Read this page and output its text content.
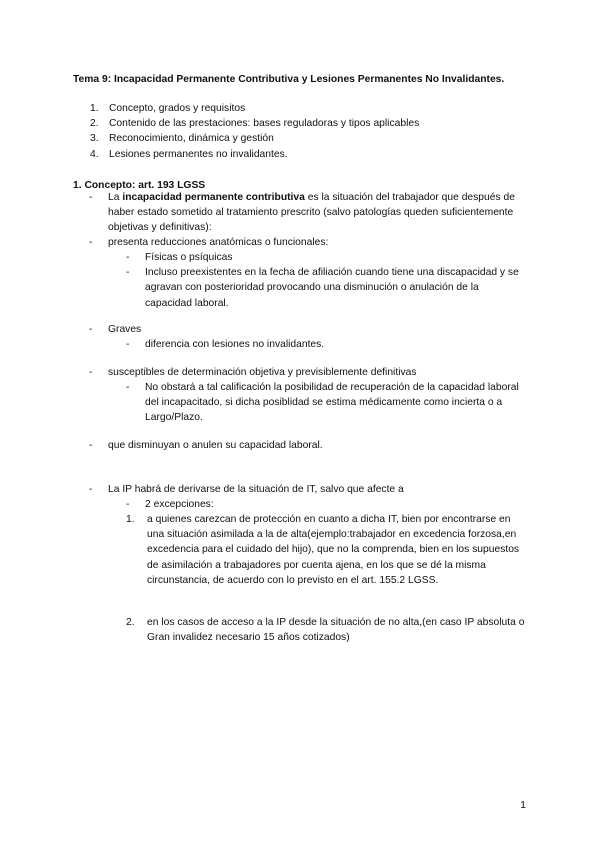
Tema 9: Incapacidad Permanente Contributiva y Lesiones Permanentes No Invalidantes.
1.	Concepto, grados y requisitos
2.	Contenido de las prestaciones: bases reguladoras y tipos aplicables
3.	Reconocimiento, dinámica y gestión
4.	Lesiones permanentes no invalidantes.
1. Concepto: art. 193 LGSS
-	La incapacidad permanente contributiva es la situación del trabajador que después de haber estado sometido al tratamiento prescrito (salvo patologías queden suficientemente objetivas y definitivas):
-	presenta reducciones anatómicas o funcionales:
-	Físicas o psíquicas
-	Incluso preexistentes en la fecha de afiliación cuando tiene una discapacidad y se agravan con posterioridad provocando una disminución o anulación de la capacidad laboral.
-	Graves
-	diferencia con lesiones no invalidantes.
-	susceptibles de determinación objetiva y previsiblemente definitivas
-	No obstará a tal calificación la posibilidad de recuperación de la capacidad laboral del incapacitado, si dicha posiblidad se estima médicamente como incierta o a Largo/Plazo.
-	que disminuyan o anulen su capacidad laboral.
-	La IP habrá de derivarse de la situación de IT, salvo que afecte a
-	2 excepciones:
1.	a quienes carezcan de protección en cuanto a dicha IT, bien por encontrarse en una situación asimilada a la de alta(ejemplo:trabajador en excedencia forzosa,en excedencia para el cuidado del hijo), que no la comprenda, bien en los supuestos de asimilación a trabajadores por cuenta ajena, en los que se dé la misma circunstancia, de acuerdo con lo previsto en el art. 155.2 LGSS.
2.	en los casos de acceso a la IP desde la situación de no alta,(en caso IP absoluta o Gran invalidez necesario 15 años cotizados)
1
